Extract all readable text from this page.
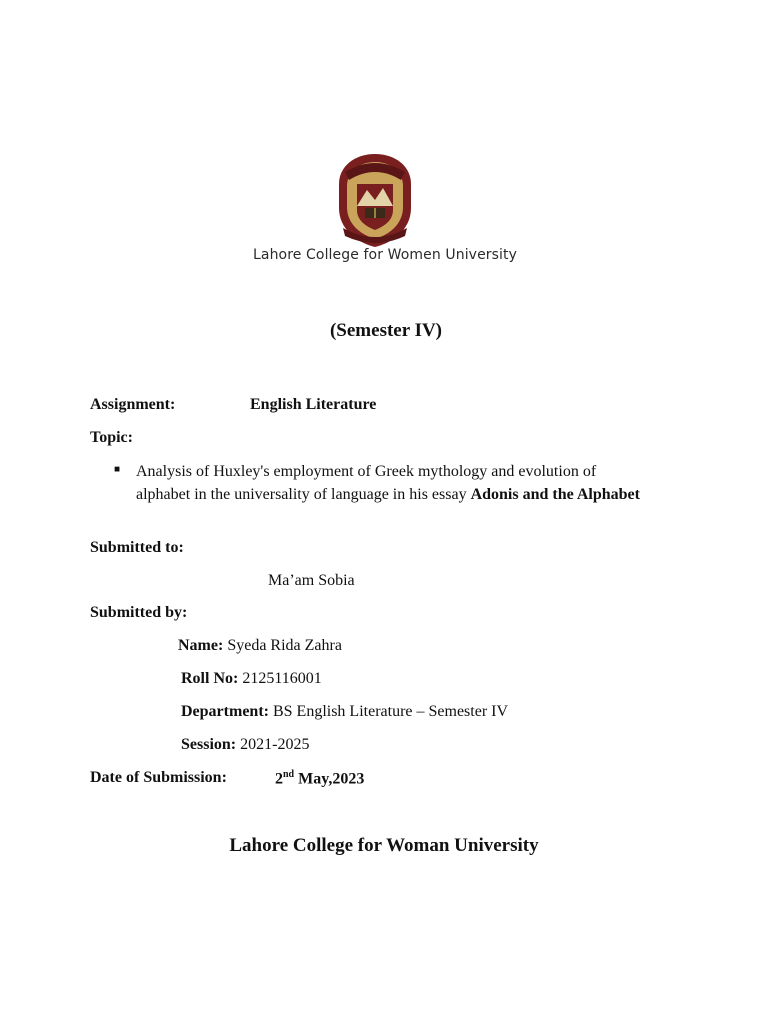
Lahore College for Women University
(Semester IV)
Assignment:	English Literature
Topic:
■ Analysis of Huxley's employment of Greek mythology and evolution of alphabet in the universality of language in his essay Adonis and the Alphabet
Submitted to:
Ma’am Sobia
Submitted by:
Name: Syeda Rida Zahra
Roll No: 2125116001
Department: BS English Literature – Semester IV
Session: 2021-2025
Date of Submission:	2nd May,2023
Lahore College for Woman University
